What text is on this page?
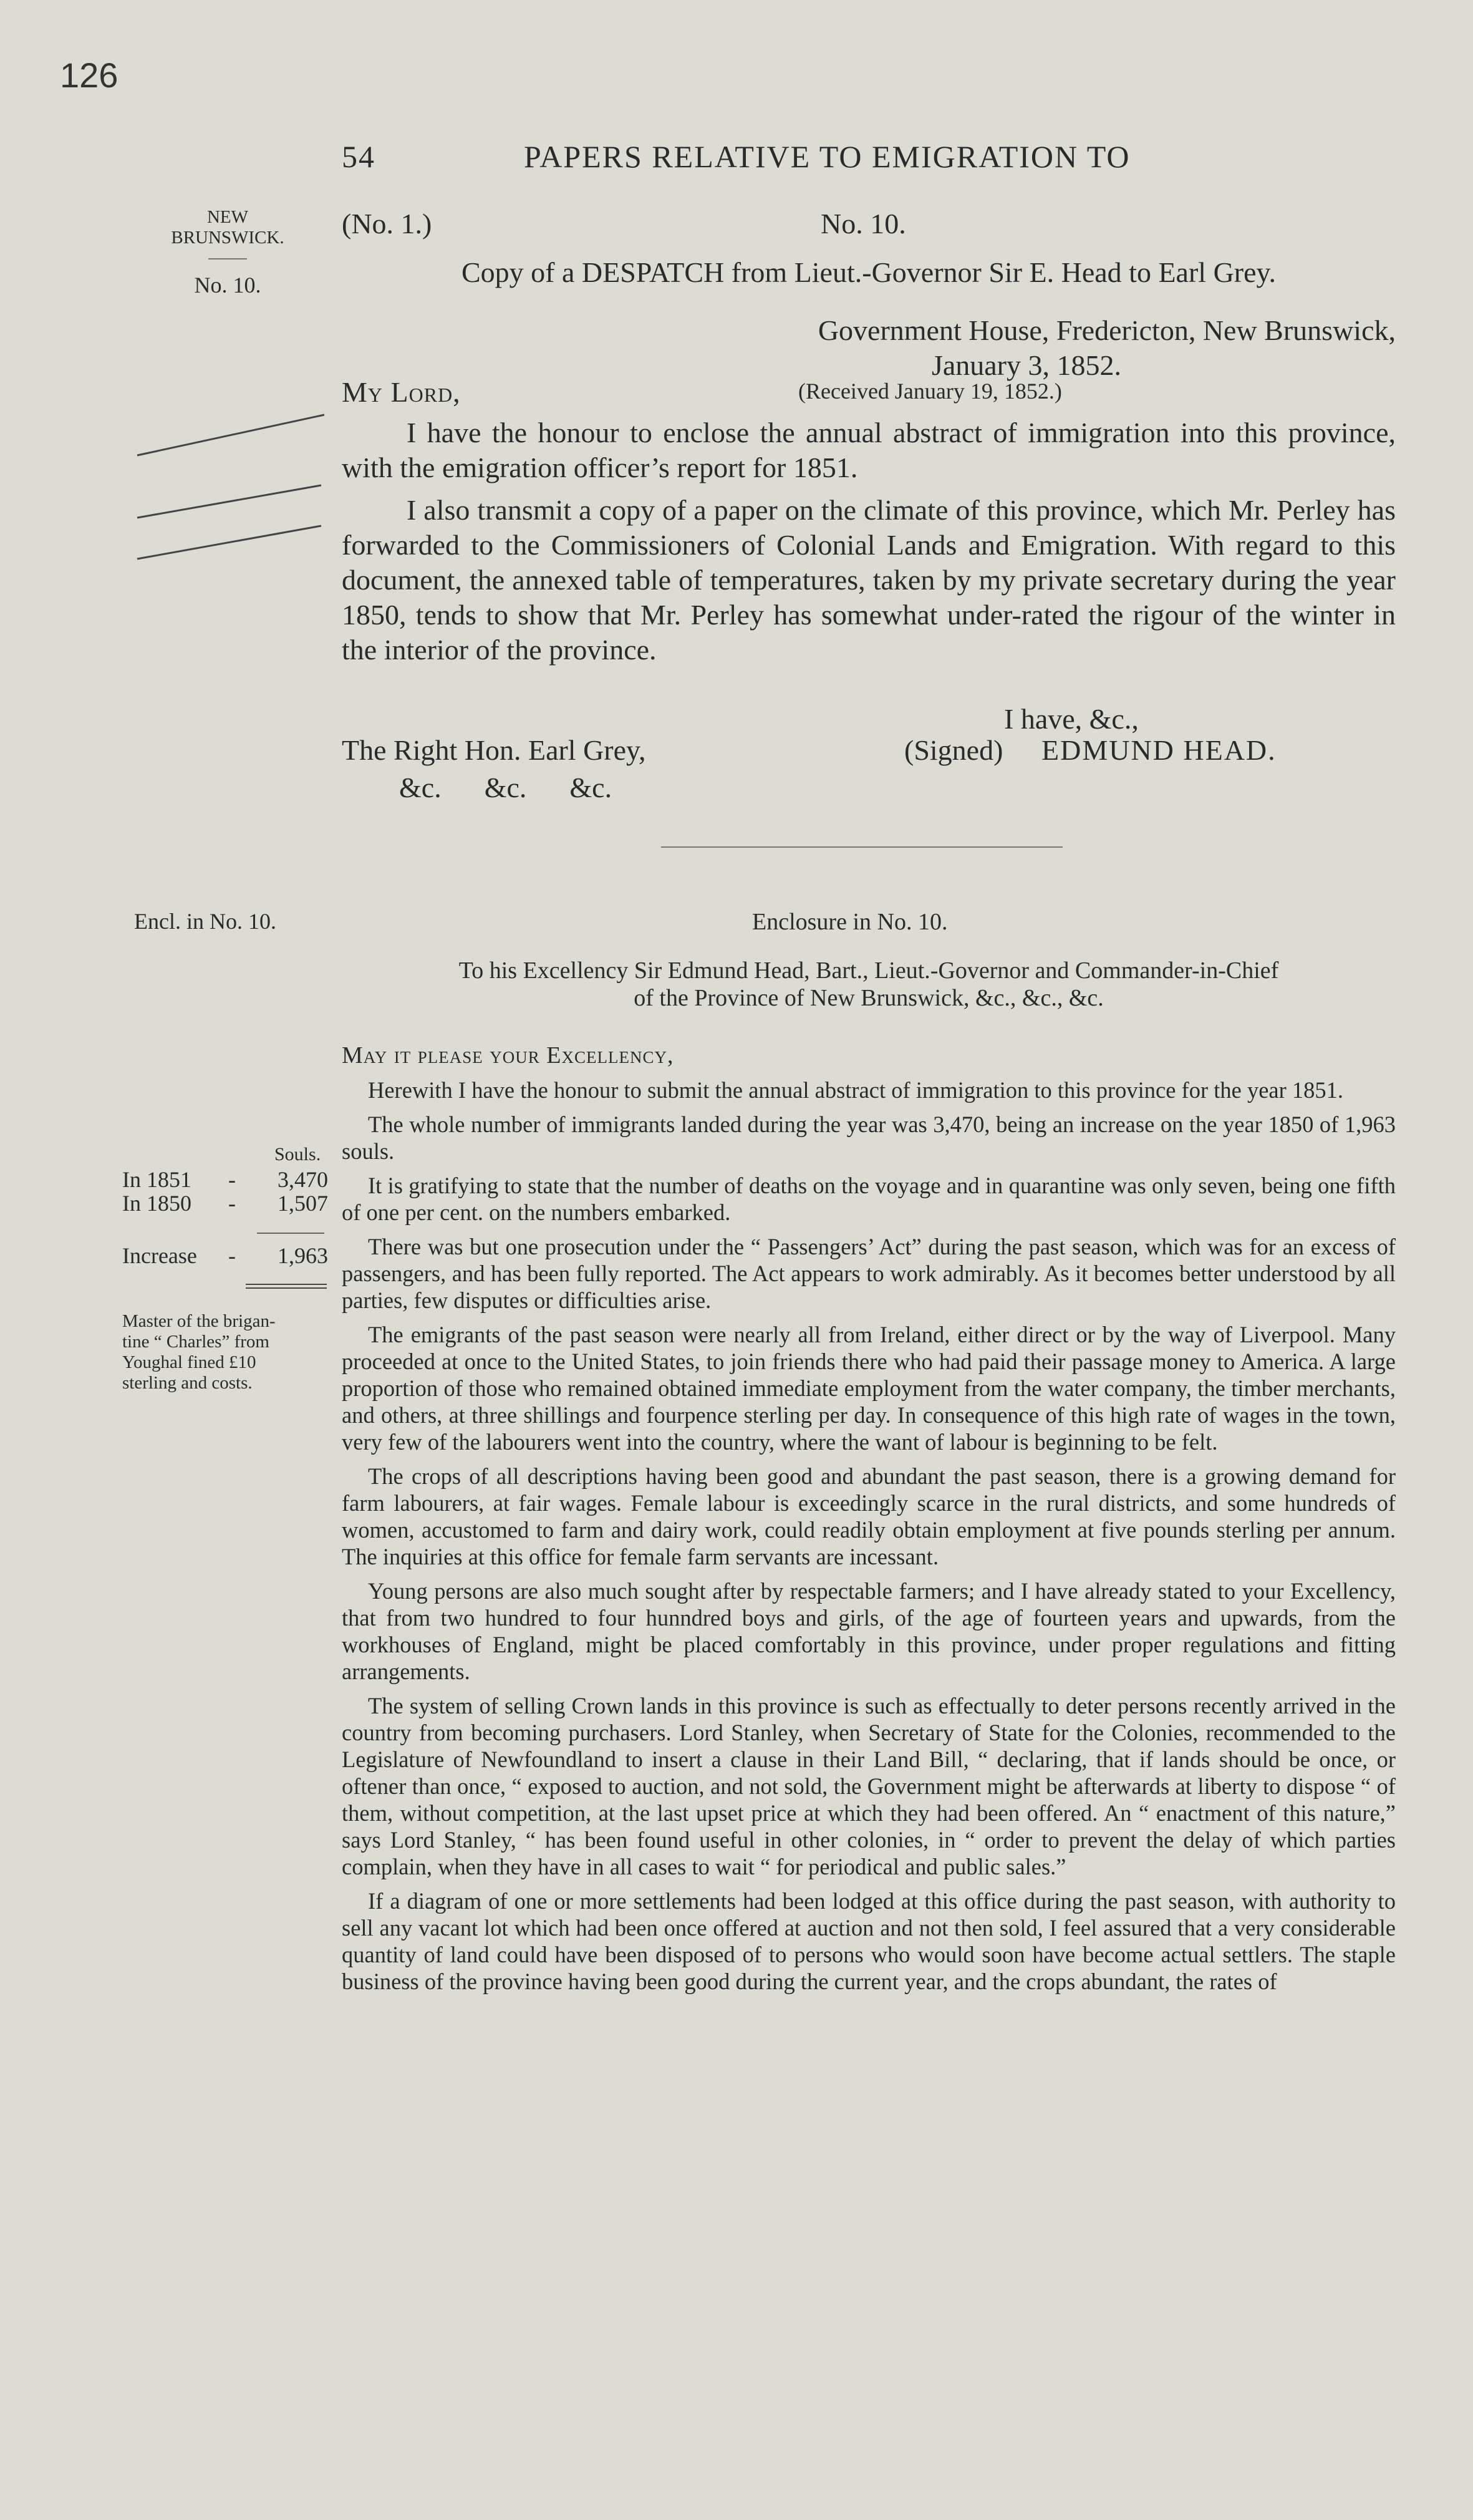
126
54	PAPERS RELATIVE TO EMIGRATION TO
NEW
BRUNSWICK.
No. 10.
(No. 1.)	No. 10.
Copy of a DESPATCH from Lieut.-Governor Sir E. Head to Earl Grey.
Government House, Fredericton, New Brunswick,
January 3, 1852.
My Lord,	(Received January 19, 1852.)

I have the honour to enclose the annual abstract of immigration into this province, with the emigration officer’s report for 1851.

I also transmit a copy of a paper on the climate of this province, which Mr. Perley has forwarded to the Commissioners of Colonial Lands and Emigration. With regard to this document, the annexed table of temperatures, taken by my private secretary during the year 1850, tends to show that Mr. Perley has somewhat under-rated the rigour of the winter in the interior of the province.

I have, &c.,
The Right Hon. Earl Grey,	(Signed) EDMUND HEAD.
&c.      &c.      &c.
Encl. in No. 10.	Enclosure in No. 10.
To his Excellency Sir Edmund Head, Bart., Lieut.-Governor and Commander-in-Chief
of the Province of New Brunswick, &c., &c., &c.
May it please your Excellency,

Herewith I have the honour to submit the annual abstract of immigration to this province for the year 1851.

The whole number of immigrants landed during the year was 3,470, being an increase on the year 1850 of 1,963 souls.

It is gratifying to state that the number of deaths on the voyage and in quarantine was only seven, being one fifth of one per cent. on the numbers embarked.

There was but one prosecution under the “ Passengers’ Act” during the past season, which was for an excess of passengers, and has been fully reported. The Act appears to work admirably. As it becomes better understood by all parties, few disputes or difficulties arise.

The emigrants of the past season were nearly all from Ireland, either direct or by the way of Liverpool. Many proceeded at once to the United States, to join friends there who had paid their passage money to America. A large proportion of those who remained obtained immediate employment from the water company, the timber merchants, and others, at three shillings and fourpence sterling per day. In consequence of this high rate of wages in the town, very few of the labourers went into the country, where the want of labour is beginning to be felt.

The crops of all descriptions having been good and abundant the past season, there is a growing demand for farm labourers, at fair wages. Female labour is exceedingly scarce in the rural districts, and some hundreds of women, accustomed to farm and dairy work, could readily obtain employment at five pounds sterling per annum. The inquiries at this office for female farm servants are incessant.

Young persons are also much sought after by respectable farmers; and I have already stated to your Excellency, that from two hundred to four hunndred boys and girls, of the age of fourteen years and upwards, from the workhouses of England, might be placed comfortably in this province, under proper regulations and fitting arrangements.

The system of selling Crown lands in this province is such as effectually to deter persons recently arrived in the country from becoming purchasers. Lord Stanley, when Secretary of State for the Colonies, recommended to the Legislature of Newfoundland to insert a clause in their Land Bill, “ declaring, that if lands should be once, or oftener than once, “ exposed to auction, and not sold, the Government might be afterwards at liberty to dispose “ of them, without competition, at the last upset price at which they had been offered. An “ enactment of this nature,” says Lord Stanley, “ has been found useful in other colonies, in “ order to prevent the delay of which parties complain, when they have in all cases to wait “ for periodical and public sales.”

If a diagram of one or more settlements had been lodged at this office during the past season, with authority to sell any vacant lot which had been once offered at auction and not then sold, I feel assured that a very considerable quantity of land could have been disposed of to persons who would soon have become actual settlers. The staple business of the province having been good during the current year, and the crops abundant, the rates of

Souls.
In 1851 - 3,470
In 1850 - 1,507
Increase - 1,963
Master of the brigan-
tine “ Charles” from
Youghal fined £10
sterling and costs.
